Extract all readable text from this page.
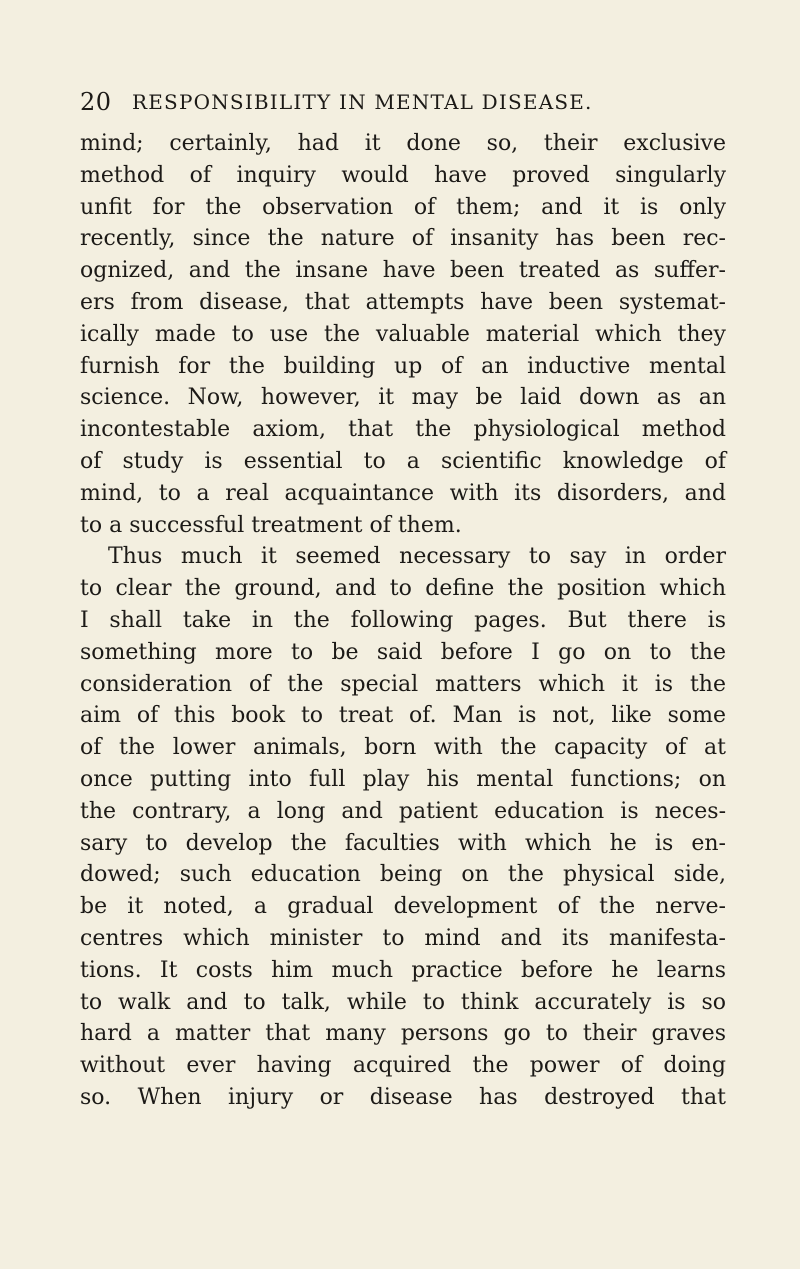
20 RESPONSIBILITY IN MENTAL DISEASE.
mind; certainly, had it done so, their exclusive
method of inquiry would have proved singularly
unfit for the observation of them; and it is only
recently, since the nature of insanity has been rec-
ognized, and the insane have been treated as suffer-
ers from disease, that attempts have been systemat-
ically made to use the valuable material which they
furnish for the building up of an inductive mental
science. Now, however, it may be laid down as an
incontestable axiom, that the physiological method
of study is essential to a scientific knowledge of
mind, to a real acquaintance with its disorders, and
to a successful treatment of them.
Thus much it seemed necessary to say in order
to clear the ground, and to define the position which
I shall take in the following pages. But there is
something more to be said before I go on to the
consideration of the special matters which it is the
aim of this book to treat of. Man is not, like some
of the lower animals, born with the capacity of at
once putting into full play his mental functions; on
the contrary, a long and patient education is neces-
sary to develop the faculties with which he is en-
dowed; such education being on the physical side,
be it noted, a gradual development of the nerve-
centres which minister to mind and its manifesta-
tions. It costs him much practice before he learns
to walk and to talk, while to think accurately is so
hard a matter that many persons go to their graves
without ever having acquired the power of doing
so. When injury or disease has destroyed that
